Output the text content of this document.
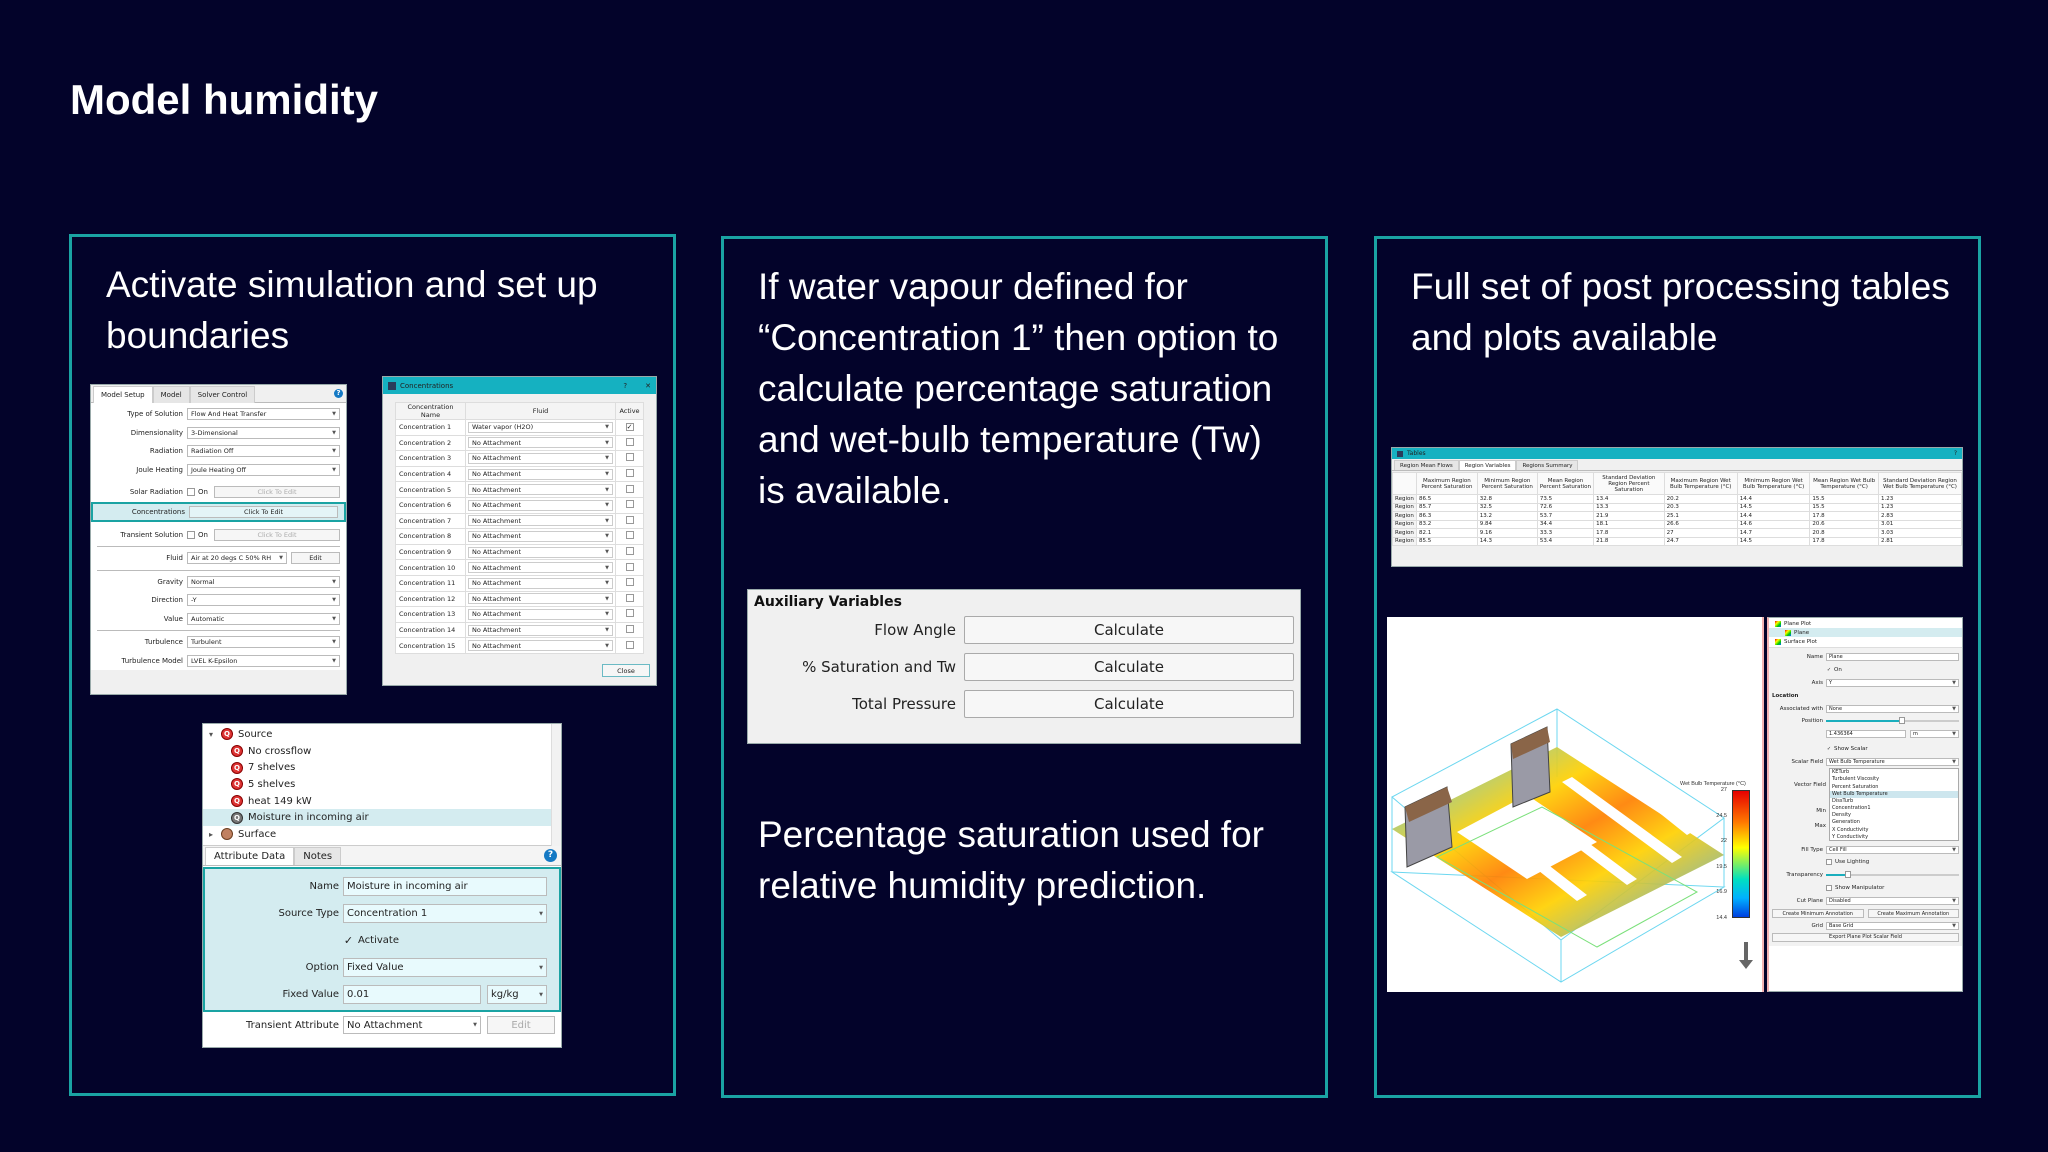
Model humidity
Activate simulation and set up boundaries
Model Setup	Model	Solver Control	?
Type of Solution	Flow And Heat Transfer	▼
Dimensionality	3-Dimensional	▼
Radiation	Radiation Off	▼
Joule Heating	Joule Heating Off	▼
Solar Radiation	On	Click To Edit
Concentrations	Click To Edit
Transient Solution	On	Click To Edit
Fluid	Air at 20 degs C 50% RH ▼	Edit
Gravity	Normal	▼
Direction	-Y	▼
Value	Automatic	▼
Turbulence	Turbulent	▼
Turbulence Model	LVEL K-Epsilon	▼
Concentrations	?	✕
Concentration Name	Fluid	Active
Concentration 1	Water vapor (H2O) ▼	✓
Concentration 2	No Attachment ▼	

Concentration 3	No Attachment ▼	

Concentration 4	No Attachment ▼	

Concentration 5	No Attachment ▼	

Concentration 6	No Attachment ▼	

Concentration 7	No Attachment ▼	

Concentration 8	No Attachment ▼	

Concentration 9	No Attachment ▼	

Concentration 10	No Attachment ▼	

Concentration 11	No Attachment ▼	

Concentration 12	No Attachment ▼	

Concentration 13	No Attachment ▼	

Concentration 14	No Attachment ▼	

Concentration 15	No Attachment ▼	

Close
▾	Q Source
Q No crossflow
Q 7 shelves
Q 5 shelves
Q heat 149 kW
Q Moisture in incoming air
▸	Surface
Attribute Data	Notes	?
Name Moisture in incoming air
Source Type Concentration 1	▼
✓ Activate
Option Fixed Value	▼
Fixed Value 0.01	kg/kg	▼
Transient Attribute No Attachment	▼	Edit
If water vapour defined for “Concentration 1” then option to calculate percentage saturation and wet-bulb temperature (Tw) is available.
Percentage saturation used for relative humidity prediction.
Auxiliary Variables
Flow Angle	Calculate
% Saturation and Tw	Calculate
Total Pressure	Calculate
Full set of post processing tables and plots available
Tables	?
Region Mean Flows	Region Variables	Regions Summary
	Maximum Region Percent Saturation	Minimum Region Percent Saturation	Mean Region Percent Saturation	Standard Deviation Region Percent Saturation	Maximum Region Wet Bulb Temperature (°C)	Minimum Region Wet Bulb Temperature (°C)	Mean Region Wet Bulb Temperature (°C)	Standard Deviation Region Wet Bulb Temperature (°C)
Region	86.5	32.8	73.5	13.4	20.2	14.4	15.5	1.23
Region	85.7	32.5	72.6	13.3	20.3	14.5	15.5	1.23
Region	86.3	13.2	53.7	21.9	25.1	14.4	17.8	2.83
Region	83.2	9.84	34.4	18.1	26.6	14.6	20.6	3.01
Region	82.1	9.16	33.3	17.8	27	14.7	20.8	3.03
Region	85.5	14.3	53.4	21.8	24.7	14.5	17.8	2.81
Wet Bulb Temperature (°C)
27
24.5
22
19.5
16.9
14.4
Plane Plot
Plane
Surface Plot
Name	Plane
✓ On
Axis	Y	▼
Location
Associated with	None	▼
Position
1.436364	m	▼
✓ Show Scalar
Scalar Field	Wet Bulb Temperature	▼
Vector Field
Min
Max
KETurb
Turbulent Viscosity
Percent Saturation
Wet Bulb Temperature
DissTurb
Concentration1
Density
Generation
X Conductivity
Y Conductivity
Fill Type	Cell Fill	▼
Use Lighting
Transparency
Show Manipulator
Cut Plane	Disabled	▼
Create Minimum Annotation	Create Maximum Annotation
Grid	Base Grid	▼
Export Plane Plot Scalar Field
